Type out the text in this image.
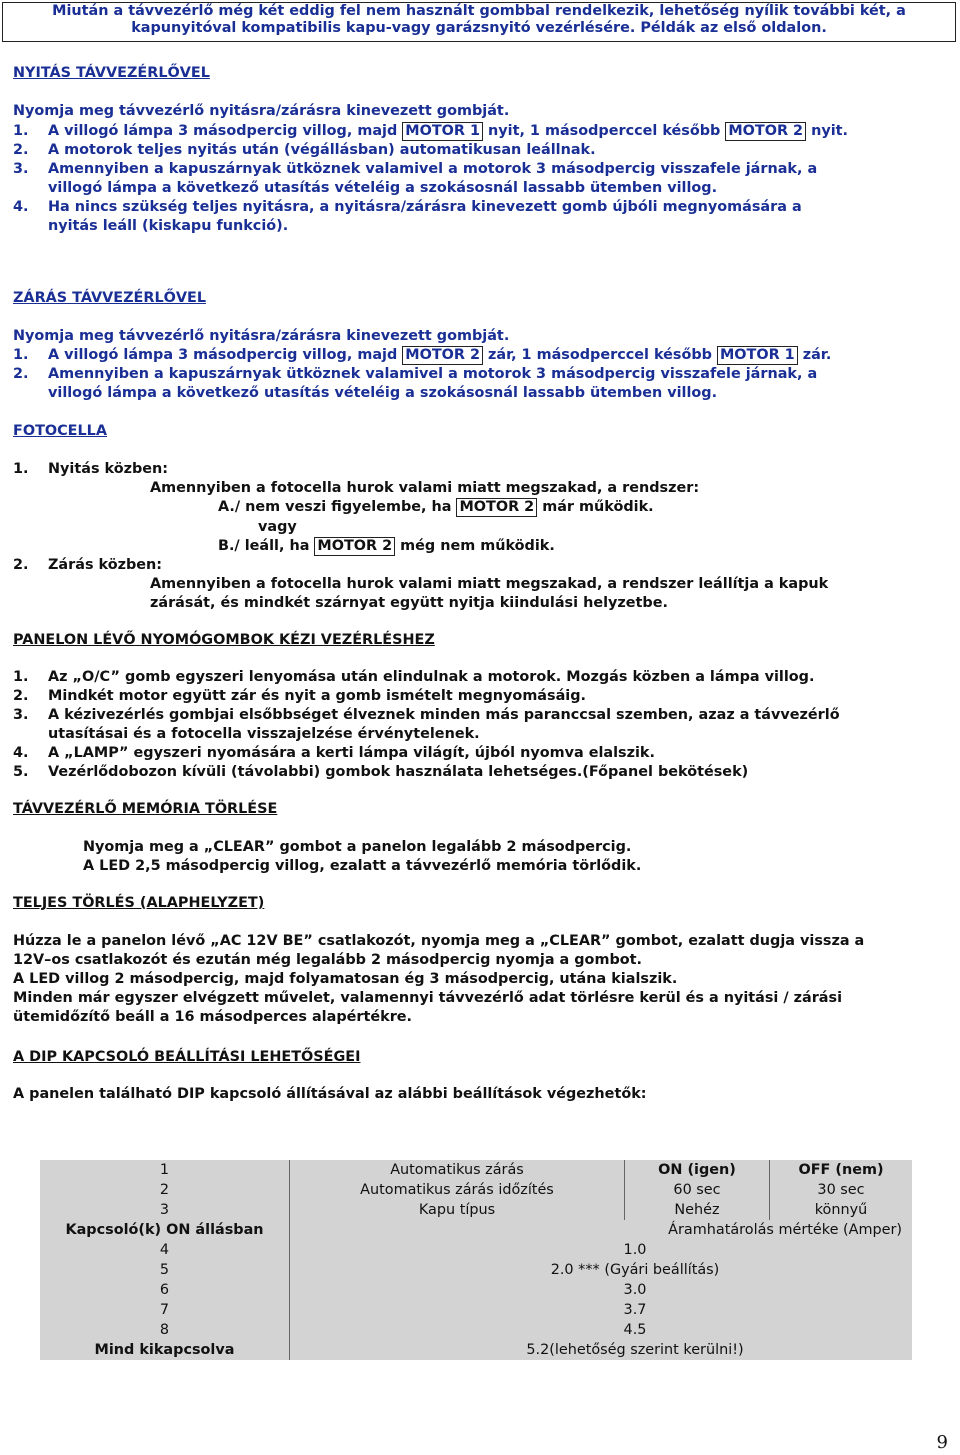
Miután a távvezérlő még két eddig fel nem használt gombbal rendelkezik, lehetőség nyílik további két, a
kapunyitóval kompatibilis kapu-vagy garázsnyitó vezérlésére. Példák az első oldalon.
NYITÁS TÁVVEZÉRLŐVEL
Nyomja meg távvezérlő nyitásra/zárásra kinevezett gombját.
1. A villogó lámpa 3 másodpercig villog, majd MOTOR 1 nyit, 1 másodperccel később MOTOR 2 nyit.
2. A motorok teljes nyitás után (végállásban) automatikusan leállnak.
3. Amennyiben a kapuszárnyak ütköznek valamivel a motorok 3 másodpercig visszafele járnak, a
villogó lámpa a következő utasítás vételéig a szokásosnál lassabb ütemben villog.
4. Ha nincs szükség teljes nyitásra, a nyitásra/zárásra kinevezett gomb újbóli megnyomására a
nyitás leáll (kiskapu funkció).
ZÁRÁS TÁVVEZÉRLŐVEL
Nyomja meg távvezérlő nyitásra/zárásra kinevezett gombját.
1. A villogó lámpa 3 másodpercig villog, majd MOTOR 2 zár, 1 másodperccel később MOTOR 1 zár.
2. Amennyiben a kapuszárnyak ütköznek valamivel a motorok 3 másodpercig visszafele járnak, a
villogó lámpa a következő utasítás vételéig a szokásosnál lassabb ütemben villog.
FOTOCELLA
1. Nyitás közben:
Amennyiben a fotocella hurok valami miatt megszakad, a rendszer:
A./ nem veszi figyelembe, ha MOTOR 2 már működik.
vagy
B./ leáll, ha MOTOR 2 még nem működik.
2. Zárás közben:
Amennyiben a fotocella hurok valami miatt megszakad, a rendszer leállítja a kapuk
zárását, és mindkét szárnyat együtt nyitja kiindulási helyzetbe.
PANELON LÉVŐ NYOMÓGOMBOK KÉZI VEZÉRLÉSHEZ
1. Az „O/C” gomb egyszeri lenyomása után elindulnak a motorok. Mozgás közben a lámpa villog.
2. Mindkét motor együtt zár és nyit a gomb ismételt megnyomásáig.
3. A kézivezérlés gombjai elsőbbséget élveznek minden más paranccsal szemben, azaz a távvezérlő
utasításai és a fotocella visszajelzése érvénytelenek.
4. A „LAMP” egyszeri nyomására a kerti lámpa világít, újból nyomva elalszik.
5. Vezérlődobozon kívüli (távolabbi) gombok használata lehetséges.(Főpanel bekötések)
TÁVVEZÉRLŐ MEMÓRIA TÖRLÉSE
Nyomja meg a „CLEAR” gombot a panelon legalább 2 másodpercig.
A LED 2,5 másodpercig villog, ezalatt a távvezérlő memória törlődik.
TELJES TÖRLÉS (ALAPHELYZET)
Húzza le a panelon lévő „AC 12V BE” csatlakozót, nyomja meg a „CLEAR” gombot, ezalatt dugja vissza a
12V–os csatlakozót és ezután még legalább 2 másodpercig nyomja a gombot.
A LED villog 2 másodpercig, majd folyamatosan ég 3 másodpercig, utána kialszik.
Minden már egyszer elvégzett művelet, valamennyi távvezérlő adat törlésre kerül és a nyitási / zárási
ütemidőzítő beáll a 16 másodperces alapértékre.
A DIP KAPCSOLÓ BEÁLLÍTÁSI LEHETŐSÉGEI
A panelen található DIP kapcsoló állításával az alábbi beállítások végezhetők:
1	Automatikus zárás	ON (igen)	OFF (nem)
2	Automatikus zárás időzítés	60 sec	30 sec
3	Kapu típus	Nehéz	könnyű
Kapcsoló(k) ON állásban	Áramhatárolás mértéke (Amper)		
4	1.0		
5	2.0 *** (Gyári beállítás)		
6	3.0		
7	3.7		
8	4.5		
Mind kikapcsolva	5.2(lehetőség szerint kerülni!)		
9
